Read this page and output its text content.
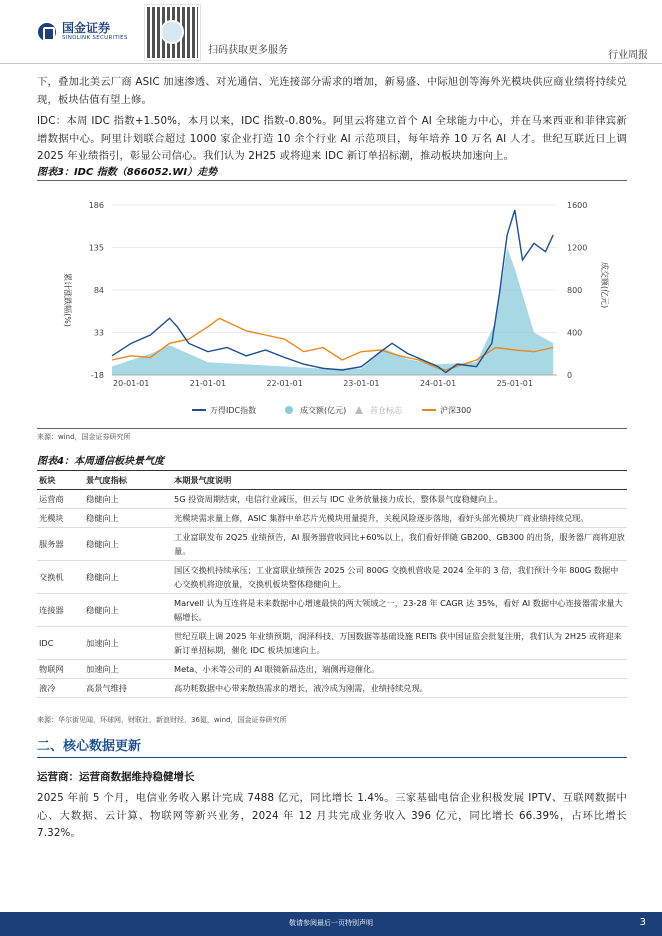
国金证券
SINOLINK SECURITIES
扫码获取更多服务	行业周报
下，叠加北美云厂商 ASIC 加速渗透、对光通信、光连接部分需求的增加，新易盛、中际旭创等海外光模块供应商业绩将持续兑现，板块估值有望上修。
IDC：本周 IDC 指数+1.50%，本月以来，IDC 指数-0.80%。阿里云将建立首个 AI 全球能力中心，并在马来西亚和菲律宾新增数据中心。阿里计划联合超过 1000 家企业打造 10 余个行业 AI 示范项目，每年培养 10 万名 AI 人才。世纪互联近日上调 2025 年业绩指引，彰显公司信心。我们认为 2H25 或将迎来 IDC 新订单招标潮，推动板块加速向上。
图表3：IDC 指数（866052.WI）走势
186
135
84
33
-18
1600
1200
800
400
0
20-01-01	21-01-01	22-01-01	23-01-01	24-01-01	25-01-01
累计涨跌幅(%)	成交额(亿元)
万得IDC指数	成交额(亿元)	首仓标志	沪深300
来源：wind，国金证券研究所
图表4：本周通信板块景气度
板块	景气度指标	本期景气度说明
运营商	稳健向上	5G 投资周期结束，电信行业减压，但云与 IDC 业务放量接力成长，整体景气度稳健向上。
光模块	稳健向上	光模块需求量上修，ASIC 集群中单芯片光模块用量提升，关税风险逐步落地，看好头部光模块厂商业绩持续兑现。
服务器	稳健向上	工业富联发布 2Q25 业绩预告，AI 服务器营收同比+60%以上，我们看好伴随 GB200、GB300 的出货，服务器厂商将迎放量。
交换机	稳健向上	国区交换机持续承压；工业富联业绩预告 2025 公司 800G 交换机营收是 2024 全年的 3 倍，我们预计今年 800G 数据中心交换机将迎放量，交换机板块整体稳健向上。
连接器	稳健向上	Marvell 认为互连将是未来数据中心增速最快的两大领域之一，23-28 年 CAGR 达 35%，看好 AI 数据中心连接器需求量大幅增长。
IDC	加速向上	世纪互联上调 2025 年业绩预期，润泽科技、万国数据等基础设施 REITs 获中国证监会批复注册，我们认为 2H25 或将迎来新订单招标期，催化 IDC 板块加速向上。
物联网	加速向上	Meta、小米等公司的 AI 眼镜新品迭出，端侧再迎催化。
液冷	高景气维持	高功耗数据中心带来散热需求的增长，液冷成为刚需，业绩持续兑现。
来源：华尔街见闻，环球网，财联社，新浪财经，36氪，wind，国金证券研究所
二、核心数据更新
运营商：运营商数据维持稳健增长
2025 年前 5 个月，电信业务收入累计完成 7488 亿元，同比增长 1.4%。三家基础电信企业积极发展 IPTV、互联网数据中心、大数据、云计算、物联网等新兴业务，2024 年 12 月共完成业务收入 396 亿元，同比增长 66.39%，占环比增长 7.32%。
敬请参阅最后一页特别声明	3
